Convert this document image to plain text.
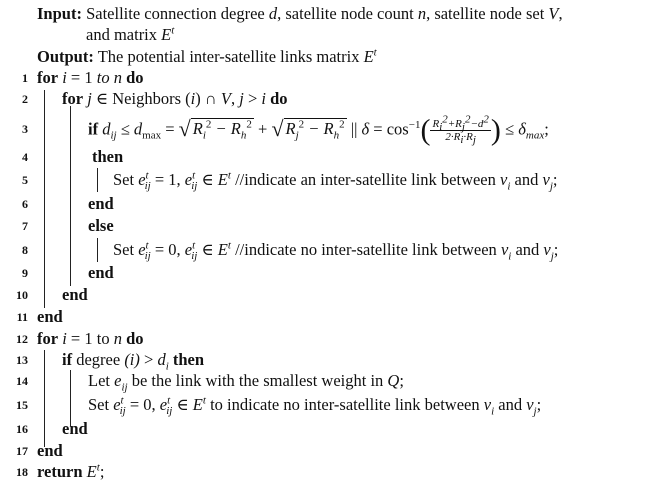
Input: Satellite connection degree d, satellite node count n, satellite node set V,
and matrix $E^t$
Output: The potential inter-satellite links matrix $E^t$
1
2
3
4
5
6
7
8
9
10
11
12
13
14
15
16
17
18
for i = 1 to n do
for j ∈ Neighbors (i) ∩ V, j > i do
if $d_{ij} \le d_{max}$ = √ $R_i^2 - R_h^2$ + √ $R_j^2 - R_h^2$ || $\delta = \cos^{-1}( \frac{R_i^2+R_j^2-d^2}{2\cdot R_i\cdot R_j}$ ) ≤ $\delta_{max}$;
then
Set $e^t_{ij} = 1$, $e^t_{ij}$ ∈ $E^t$ //indicate an inter-satellite link between $v_i$ and $v_j$;
end
else
Set $e^t_{ij} = 0$, $e^t_{ij}$ ∈ $E^t$ //indicate no inter-satellite link between $v_i$ and $v_j$;
end
end
end
for i = 1 to n do
if degree $(i) > d_i$ then
Let $e_{ij}$ be the link with the smallest weight in Q;
Set $e^t_{ij} = 0$, $e^t_{ij}$ ∈ $E^t$ to indicate no inter-satellite link between $v_i$ and $v_j$;
end
end
return $E^t$;
